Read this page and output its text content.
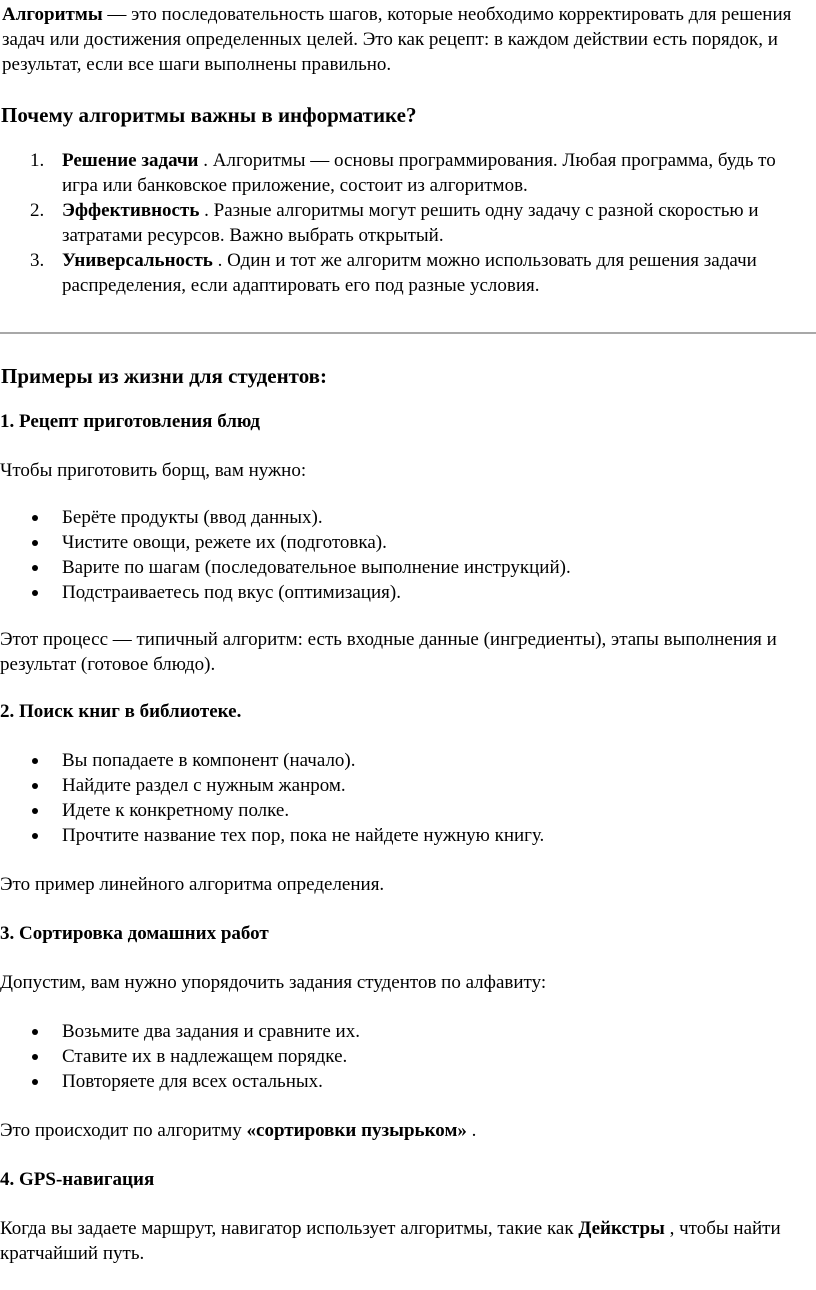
Алгоритмы — это последовательность шагов, которые необходимо корректировать для решения задач или достижения определенных целей. Это как рецепт: в каждом действии есть порядок, и результат, если все шаги выполнены правильно.

Почему алгоритмы важны в информатике?
1. Решение задачи . Алгоритмы — основы программирования. Любая программа, будь то игра или банковское приложение, состоит из алгоритмов.
2. Эффективность . Разные алгоритмы могут решить одну задачу с разной скоростью и затратами ресурсов. Важно выбрать открытый.
3. Универсальность . Один и тот же алгоритм можно использовать для решения задачи распределения, если адаптировать его под разные условия.
Примеры из жизни для студентов:
1. Рецепт приготовления блюд

Чтобы приготовить борщ, вам нужно:

Берёте продукты (ввод данных).
Чистите овощи, режете их (подготовка).
Варите по шагам (последовательное выполнение инструкций).
Подстраиваетесь под вкус (оптимизация).

Этот процесс — типичный алгоритм: есть входные данные (ингредиенты), этапы выполнения и результат (готовое блюдо).

2. Поиск книг в библиотеке.
Вы попадаете в компонент (начало).
Найдите раздел с нужным жанром.
Идете к конкретному полке.
Прочтите название тех пор, пока не найдете нужную книгу.

Это пример линейного алгоритма определения.

3. Сортировка домашних работ

Допустим, вам нужно упорядочить задания студентов по алфавиту:

Возьмите два задания и сравните их.
Ставите их в надлежащем порядке.
Повторяете для всех остальных.

Это происходит по алгоритму «сортировки пузырьком» .

4. GPS-навигация

Когда вы задаете маршрут, навигатор использует алгоритмы, такие как Дейкстры , чтобы найти кратчайший путь.
